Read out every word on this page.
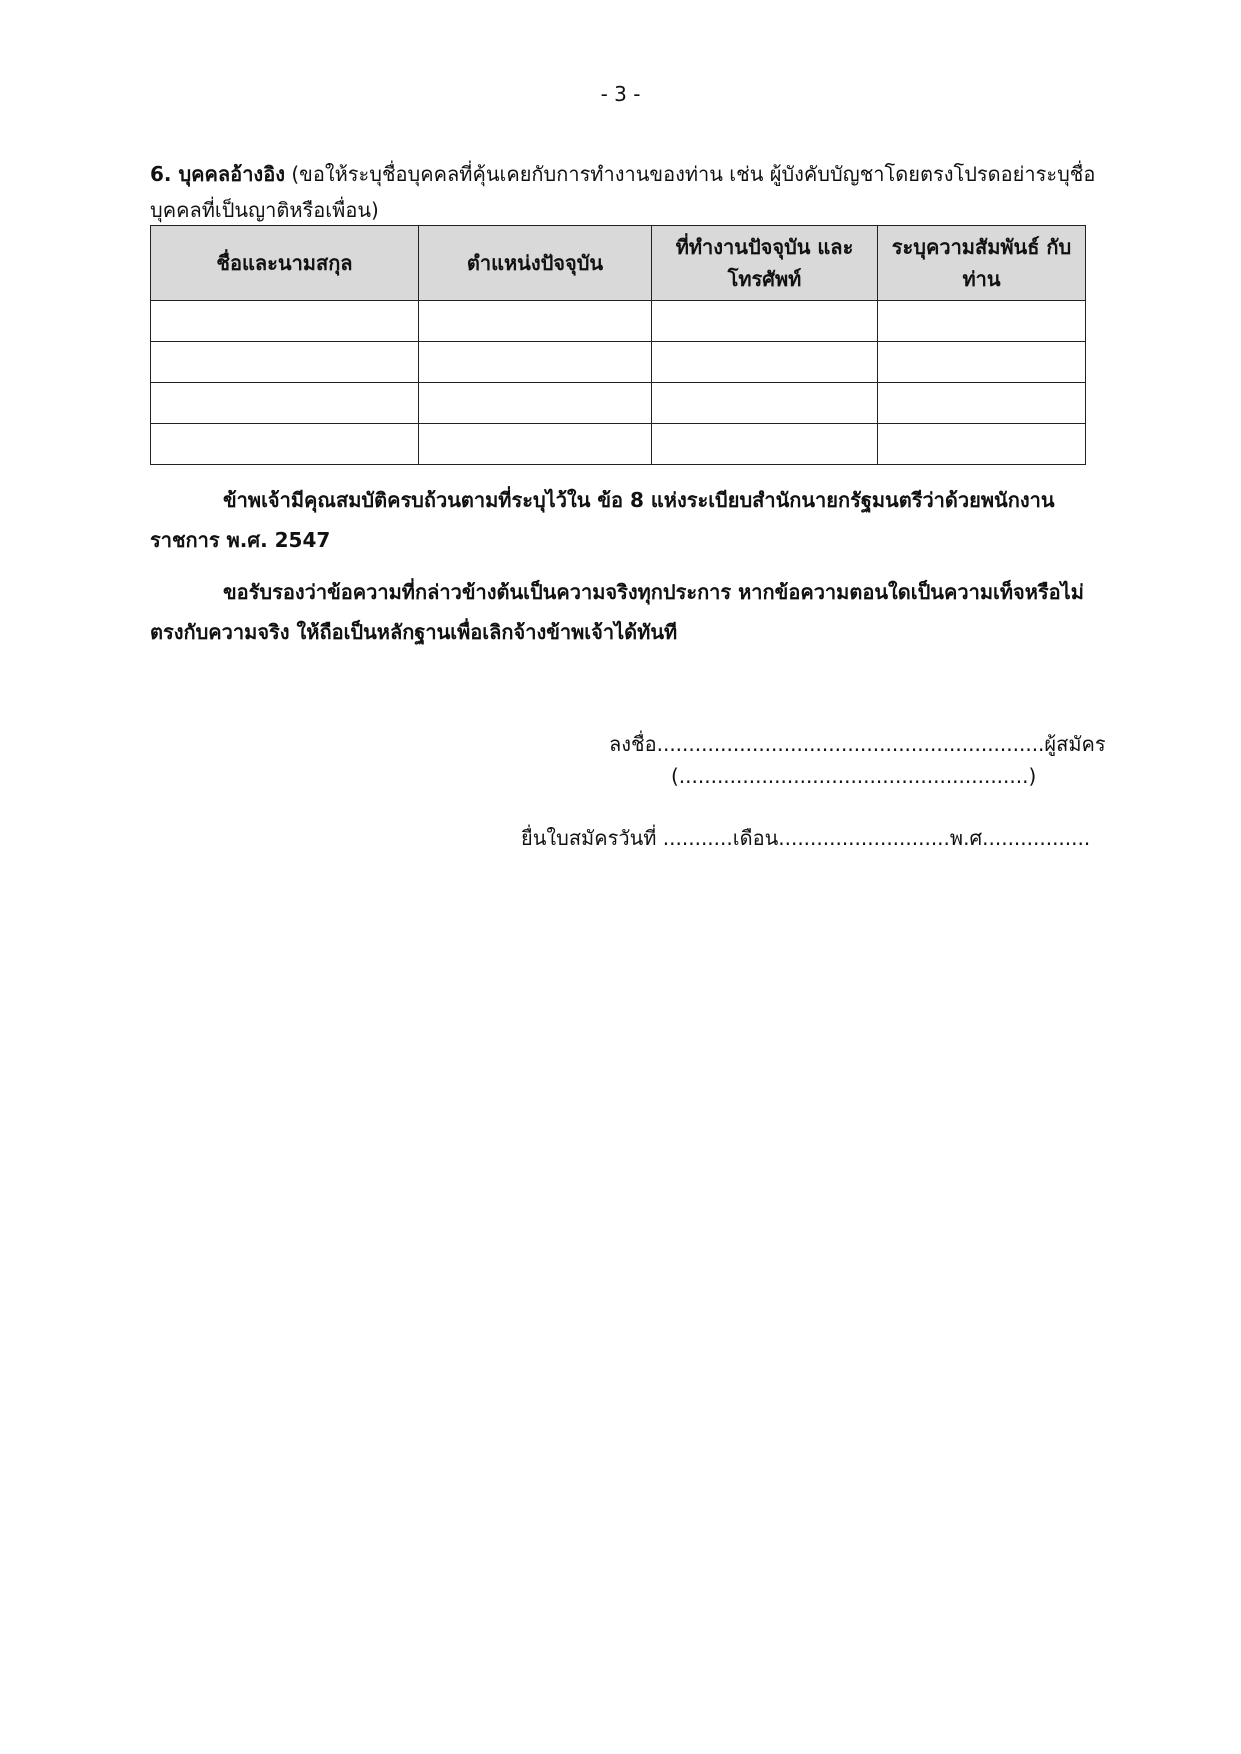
- 3 -
6. บุคคลอ้างอิง (ขอให้ระบุชื่อบุคคลที่คุ้นเคยกับการทำงานของท่าน เช่น ผู้บังคับบัญชาโดยตรงโปรดอย่าระบุชื่อบุคคลที่เป็นญาติหรือเพื่อน)
ชื่อและนามสกุล	ตำแหน่งปัจจุบัน	ที่ทำงานปัจจุบัน และโทรศัพท์	ระบุความสัมพันธ์ กับท่าน

ข้าพเจ้ามีคุณสมบัติครบถ้วนตามที่ระบุไว้ใน ข้อ 8 แห่งระเบียบสำนักนายกรัฐมนตรีว่าด้วยพนักงานราชการ พ.ศ. 2547
ขอรับรองว่าข้อความที่กล่าวข้างต้นเป็นความจริงทุกประการ หากข้อความตอนใดเป็นความเท็จหรือไม่ตรงกับความจริง ให้ถือเป็นหลักฐานเพื่อเลิกจ้างข้าพเจ้าได้ทันที
ลงชื่อ.............................................................ผู้สมัคร
(.......................................................)
ยื่นใบสมัครวันที่ ...........เดือน...........................พ.ศ.................
